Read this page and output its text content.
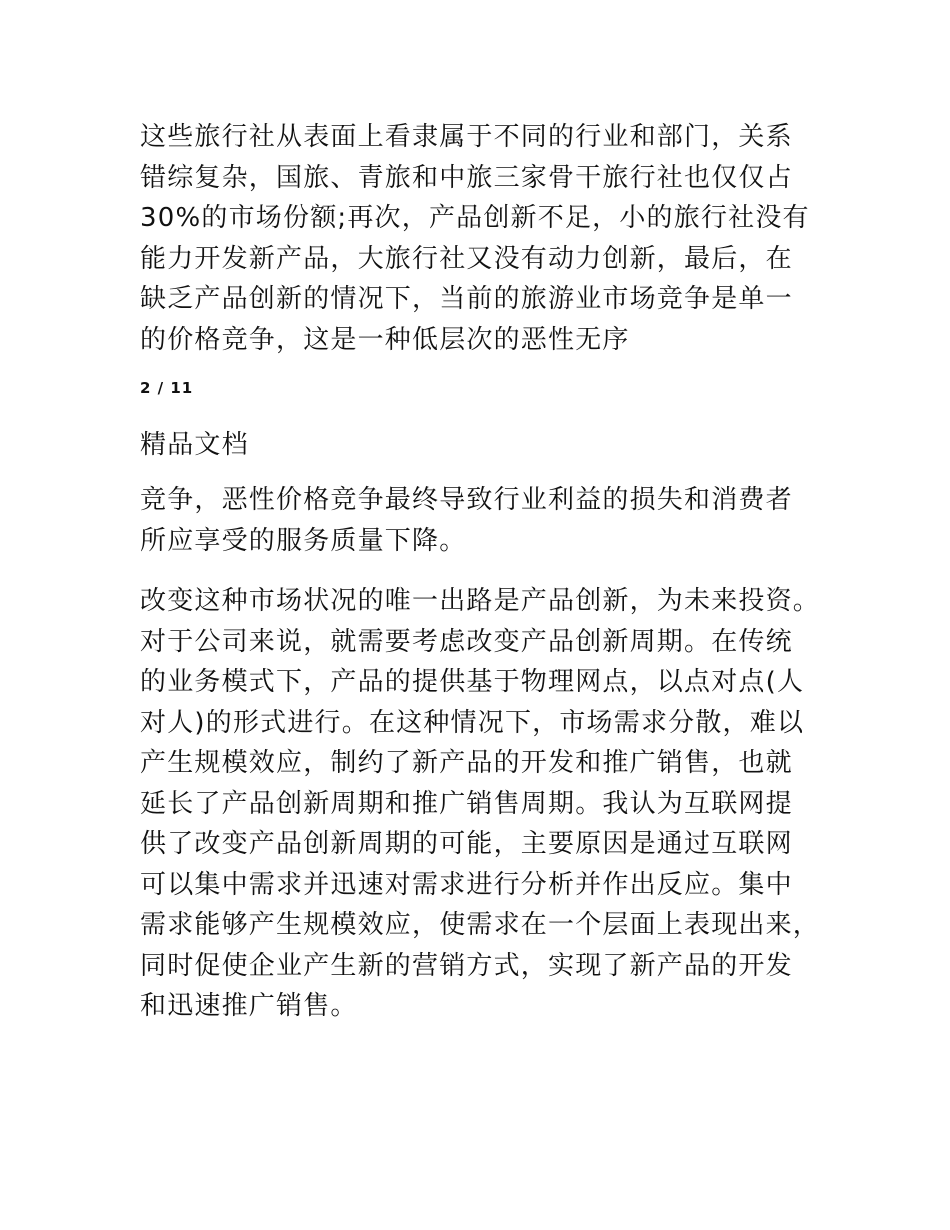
这些旅行社从表面上看隶属于不同的行业和部门，关系
错综复杂，国旅、青旅和中旅三家骨干旅行社也仅仅占
30%的市场份额;再次，产品创新不足，小的旅行社没有
能力开发新产品，大旅行社又没有动力创新，最后，在
缺乏产品创新的情况下，当前的旅游业市场竞争是单一
的价格竞争，这是一种低层次的恶性无序

2 / 11
精品文档

竞争，恶性价格竞争最终导致行业利益的损失和消费者
所应享受的服务质量下降。

改变这种市场状况的唯一出路是产品创新，为未来投资。
对于公司来说，就需要考虑改变产品创新周期。在传统
的业务模式下，产品的提供基于物理网点，以点对点(人
对人)的形式进行。在这种情况下，市场需求分散，难以
产生规模效应，制约了新产品的开发和推广销售，也就
延长了产品创新周期和推广销售周期。我认为互联网提
供了改变产品创新周期的可能，主要原因是通过互联网
可以集中需求并迅速对需求进行分析并作出反应。集中
需求能够产生规模效应，使需求在一个层面上表现出来，
同时促使企业产生新的营销方式，实现了新产品的开发
和迅速推广销售。
